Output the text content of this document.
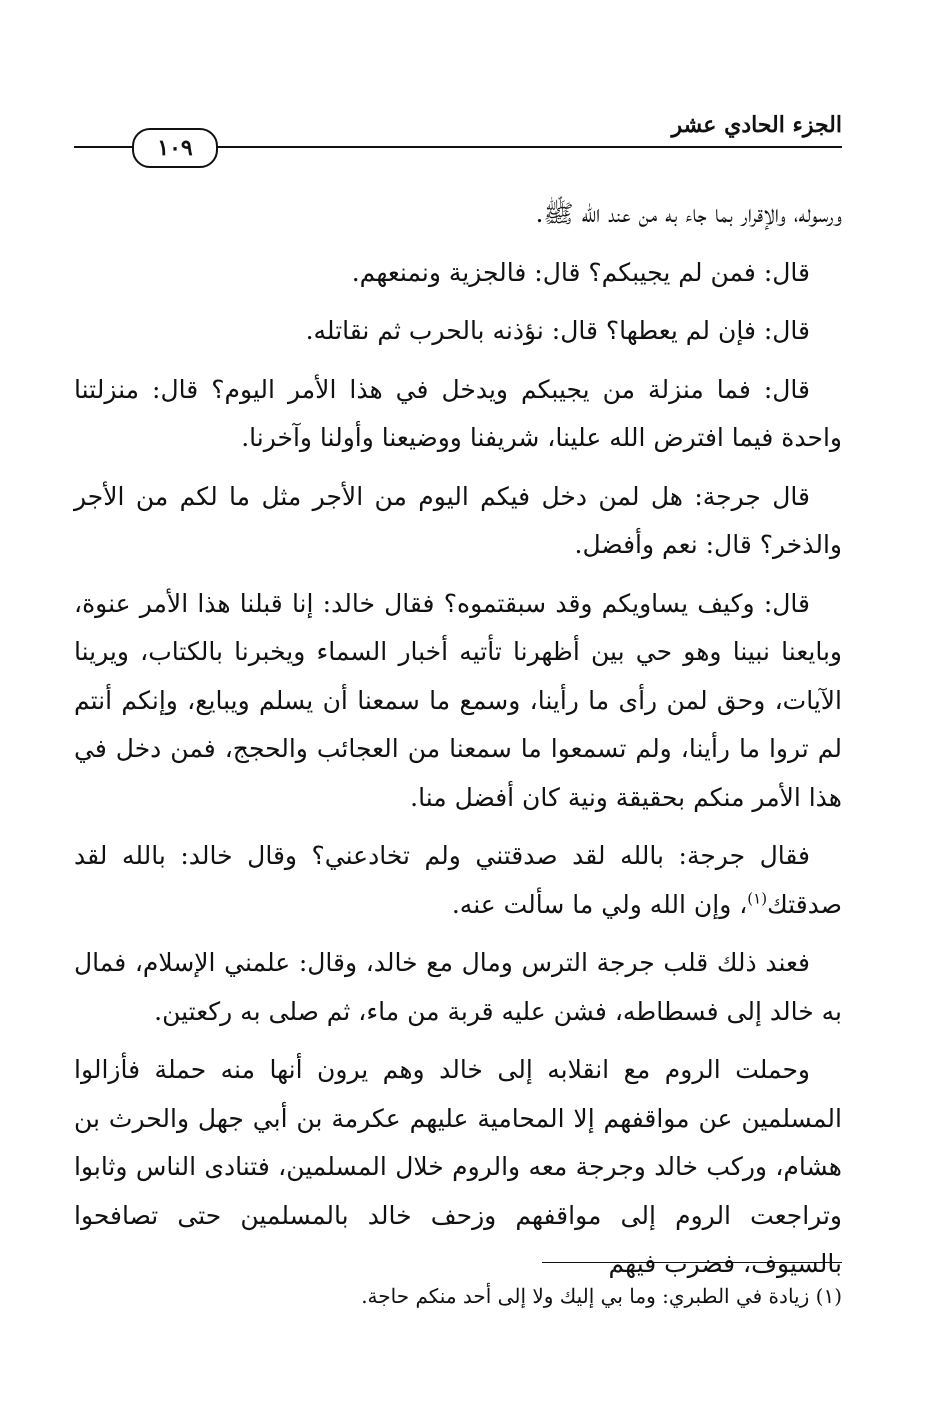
الجزء الحادي عشر
١٠٩

ورسوله، والإقرار بما جاء به من عند الله ﷺ.

قال: فمن لم يجيبكم؟ قال: فالجزية ونمنعهم.

قال: فإن لم يعطها؟ قال: نؤذنه بالحرب ثم نقاتله.

قال: فما منزلة من يجيبكم ويدخل في هذا الأمر اليوم؟ قال: منزلتنا واحدة فيما افترض الله علينا، شريفنا ووضيعنا وأولنا وآخرنا.

قال جرجة: هل لمن دخل فيكم اليوم من الأجر مثل ما لكم من الأجر والذخر؟ قال: نعم وأفضل.

قال: وكيف يساويكم وقد سبقتموه؟ فقال خالد: إنا قبلنا هذا الأمر عنوة، وبايعنا نبينا وهو حي بين أظهرنا تأتيه أخبار السماء ويخبرنا بالكتاب، ويرينا الآيات، وحق لمن رأى ما رأينا، وسمع ما سمعنا أن يسلم ويبايع، وإنكم أنتم لم تروا ما رأينا، ولم تسمعوا ما سمعنا من العجائب والحجج، فمن دخل في هذا الأمر منكم بحقيقة ونية كان أفضل منا.

فقال جرجة: بالله لقد صدقتني ولم تخادعني؟ وقال خالد: بالله لقد صدقتك$^{(١)}$، وإن الله ولي ما سألت عنه.

فعند ذلك قلب جرجة الترس ومال مع خالد، وقال: علمني الإسلام، فمال به خالد إلى فسطاطه، فشن عليه قربة من ماء، ثم صلى به ركعتين.

وحملت الروم مع انقلابه إلى خالد وهم يرون أنها منه حملة فأزالوا المسلمين عن مواقفهم إلا المحامية عليهم عكرمة بن أبي جهل والحرث بن هشام، وركب خالد وجرجة معه والروم خلال المسلمين، فتنادى الناس وثابوا وتراجعت الروم إلى مواقفهم وزحف خالد بالمسلمين حتى تصافحوا بالسيوف، فضرب فيهم

(١) زيادة في الطبري: وما بي إليك ولا إلى أحد منكم حاجة.
